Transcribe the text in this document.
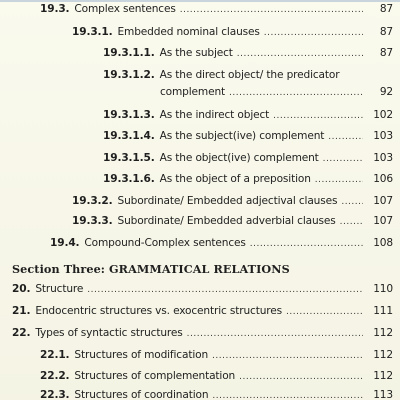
19.3. Complex sentences .....	87
19.3.1. Embedded nominal clauses .....	87
19.3.1.1. As the subject .....	87
19.3.1.2. As the direct object/ the predicator
complement .....	92
19.3.1.3. As the indirect object .....	102
19.3.1.4. As the subject(ive) complement .....	103
19.3.1.5. As the object(ive) complement .....	103
19.3.1.6. As the object of a preposition .....	106
19.3.2. Subordinate/ Embedded adjectival clauses .....	107
19.3.3. Subordinate/ Embedded adverbial clauses .....	107
19.4. Compound-Complex sentences .....	108
Section Three: GRAMMATICAL RELATIONS
20. Structure .....	110
21. Endocentric structures vs. exocentric structures .....	111
22. Types of syntactic structures .....	112
22.1. Structures of modification .....	112
22.2. Structures of complementation .....	112
22.3. Structures of coordination .....	113
